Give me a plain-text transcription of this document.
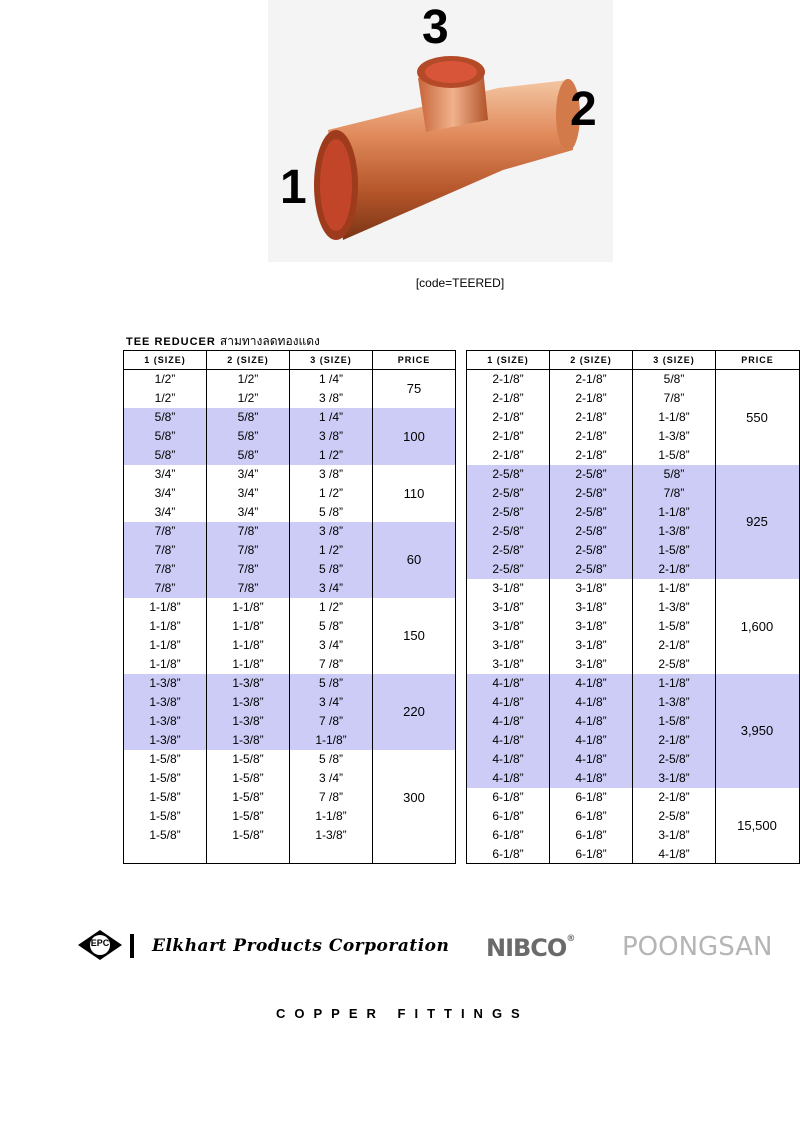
1
2
3
[code=TEERED]
TEE REDUCER สามทางลดทองแดง
1 (SIZE)	2 (SIZE)	3 (SIZE)	PRICE
1/2”	1/2”	1 /4”
1/2”	1/2”	3 /8”
75
5/8”	5/8”	1 /4”
5/8”	5/8”	3 /8”
5/8”	5/8”	1 /2”
100
3/4”	3/4”	3 /8”
3/4”	3/4”	1 /2”
3/4”	3/4”	5 /8”
110
7/8”	7/8”	3 /8”
7/8”	7/8”	1 /2”
7/8”	7/8”	5 /8”
7/8”	7/8”	3 /4”
60
1-1/8”	1-1/8”	1 /2”
1-1/8”	1-1/8”	5 /8”
1-1/8”	1-1/8”	3 /4”
1-1/8”	1-1/8”	7 /8”
150
1-3/8”	1-3/8”	5 /8”
1-3/8”	1-3/8”	3 /4”
1-3/8”	1-3/8”	7 /8”
1-3/8”	1-3/8”	1-1/8”
220
1-5/8”	1-5/8”	5 /8”
1-5/8”	1-5/8”	3 /4”
1-5/8”	1-5/8”	7 /8”
1-5/8”	1-5/8”	1-1/8”
1-5/8”	1-5/8”	1-3/8”
300
1 (SIZE)	2 (SIZE)	3 (SIZE)	PRICE
2-1/8”	2-1/8”	5/8”
2-1/8”	2-1/8”	7/8”
2-1/8”	2-1/8”	1-1/8”
2-1/8”	2-1/8”	1-3/8”
2-1/8”	2-1/8”	1-5/8”
550
2-5/8”	2-5/8”	5/8”
2-5/8”	2-5/8”	7/8”
2-5/8”	2-5/8”	1-1/8”
2-5/8”	2-5/8”	1-3/8”
2-5/8”	2-5/8”	1-5/8”
2-5/8”	2-5/8”	2-1/8”
925
3-1/8”	3-1/8”	1-1/8”
3-1/8”	3-1/8”	1-3/8”
3-1/8”	3-1/8”	1-5/8”
3-1/8”	3-1/8”	2-1/8”
3-1/8”	3-1/8”	2-5/8”
1,600
4-1/8”	4-1/8”	1-1/8”
4-1/8”	4-1/8”	1-3/8”
4-1/8”	4-1/8”	1-5/8”
4-1/8”	4-1/8”	2-1/8”
4-1/8”	4-1/8”	2-5/8”
4-1/8”	4-1/8”	3-1/8”
3,950
6-1/8”	6-1/8”	2-1/8”
6-1/8”	6-1/8”	2-5/8”
6-1/8”	6-1/8”	3-1/8”
6-1/8”	6-1/8”	4-1/8”
15,500
EPC	Elkhart Products Corporation NIBCO® POONGSAN
COPPER FITTINGS
